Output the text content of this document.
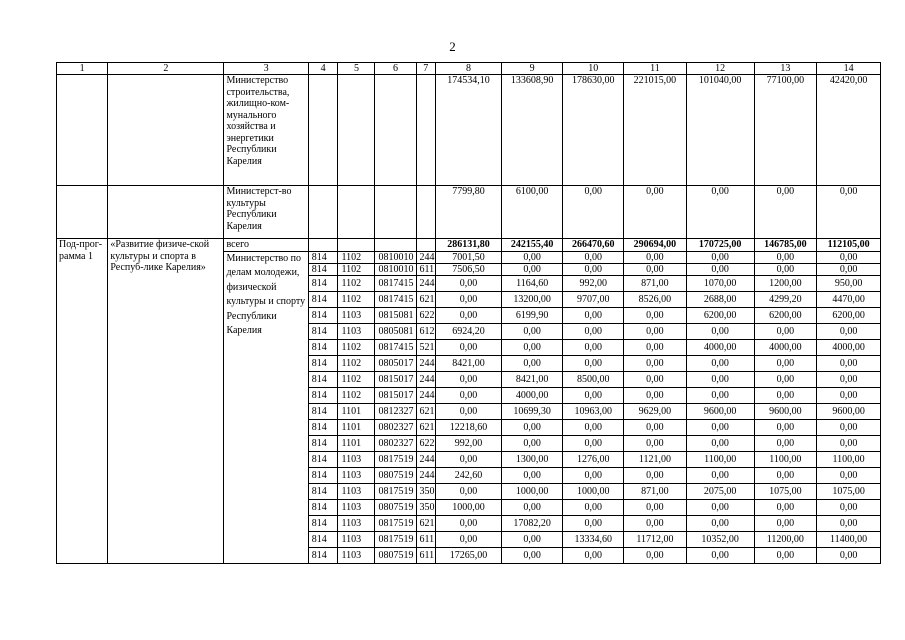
2
1	2	3	4	5	6	7	8	9	10	11	12	13	14
		Министерство строительства, жилищно-ком-мунального хозяйства и энергетики Республики Карелия					174534,10	133608,90	178630,00	221015,00	101040,00	77100,00	42420,00
		Министерст-во культуры Республики Карелия					7799,80	6100,00	0,00	0,00	0,00	0,00	0,00
Под-прог-рамма 1	«Развитие физиче-ской культуры и спорта в Респуб-лике Карелия»	всего					286131,80	242155,40	266470,60	290694,00	170725,00	146785,00	112105,00
		Министерство по делам молодежи, физической культуры и спорту Республики Карелия	814	1102	0810010	244	7001,50	0,00	0,00	0,00	0,00	0,00	0,00
			814	1102	0810010	611	7506,50	0,00	0,00	0,00	0,00	0,00	0,00
			814	1102	0817415	244	0,00	1164,60	992,00	871,00	1070,00	1200,00	950,00
			814	1102	0817415	621	0,00	13200,00	9707,00	8526,00	2688,00	4299,20	4470,00
			814	1103	0815081	622	0,00	6199,90	0,00	0,00	6200,00	6200,00	6200,00
			814	1103	0805081	612	6924,20	0,00	0,00	0,00	0,00	0,00	0,00
			814	1102	0817415	521	0,00	0,00	0,00	0,00	4000,00	4000,00	4000,00
			814	1102	0805017	244	8421,00	0,00	0,00	0,00	0,00	0,00	0,00
			814	1102	0815017	244	0,00	8421,00	8500,00	0,00	0,00	0,00	0,00
			814	1102	0815017	244	0,00	4000,00	0,00	0,00	0,00	0,00	0,00
			814	1101	0812327	621	0,00	10699,30	10963,00	9629,00	9600,00	9600,00	9600,00
			814	1101	0802327	621	12218,60	0,00	0,00	0,00	0,00	0,00	0,00
			814	1101	0802327	622	992,00	0,00	0,00	0,00	0,00	0,00	0,00
			814	1103	0817519	244	0,00	1300,00	1276,00	1121,00	1100,00	1100,00	1100,00
			814	1103	0807519	244	242,60	0,00	0,00	0,00	0,00	0,00	0,00
			814	1103	0817519	350	0,00	1000,00	1000,00	871,00	2075,00	1075,00	1075,00
			814	1103	0807519	350	1000,00	0,00	0,00	0,00	0,00	0,00	0,00
			814	1103	0817519	621	0,00	17082,20	0,00	0,00	0,00	0,00	0,00
			814	1103	0817519	611	0,00	0,00	13334,60	11712,00	10352,00	11200,00	11400,00
			814	1103	0807519	611	17265,00	0,00	0,00	0,00	0,00	0,00	0,00
